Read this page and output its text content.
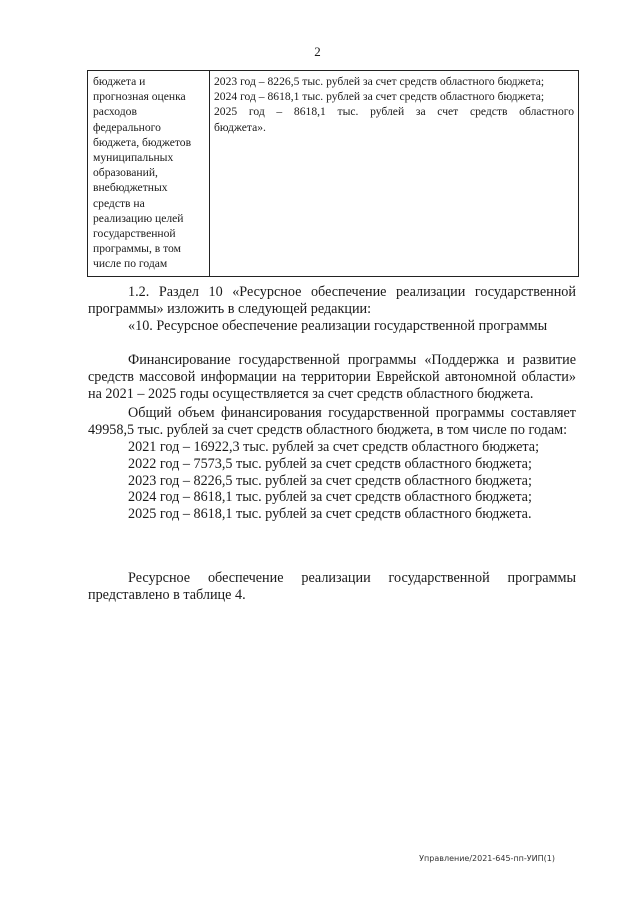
2
бюджета и
прогнозная оценка
расходов
федерального
бюджета, бюджетов
муниципальных
образований,
внебюджетных
средств на
реализацию целей
государственной
программы, в том
числе по годам

2023 год – 8226,5 тыс. рублей за счет средств областного бюджета;
2024 год – 8618,1 тыс. рублей за счет средств областного бюджета;
2025 год – 8618,1 тыс. рублей за счет средств областного
бюджета».

1.2. Раздел 10 «Ресурсное обеспечение реализации государственной программы» изложить в следующей редакции:

«10. Ресурсное обеспечение реализации государственной программы

Финансирование государственной программы «Поддержка и развитие средств массовой информации на территории Еврейской автономной области» на 2021 – 2025 годы осуществляется за счет средств областного бюджета.

Общий объем финансирования государственной программы составляет 49958,5 тыс. рублей за счет средств областного бюджета, в том числе по годам:

2021 год – 16922,3 тыс. рублей за счет средств областного бюджета;

2022 год – 7573,5 тыс. рублей за счет средств областного бюджета;

2023 год – 8226,5 тыс. рублей за счет средств областного бюджета;

2024 год – 8618,1 тыс. рублей за счет средств областного бюджета;

2025 год – 8618,1 тыс. рублей за счет средств областного бюджета.

Ресурсное обеспечение реализации государственной программы представлено в таблице 4.

Управление/2021-645-пп-УИП(1)
